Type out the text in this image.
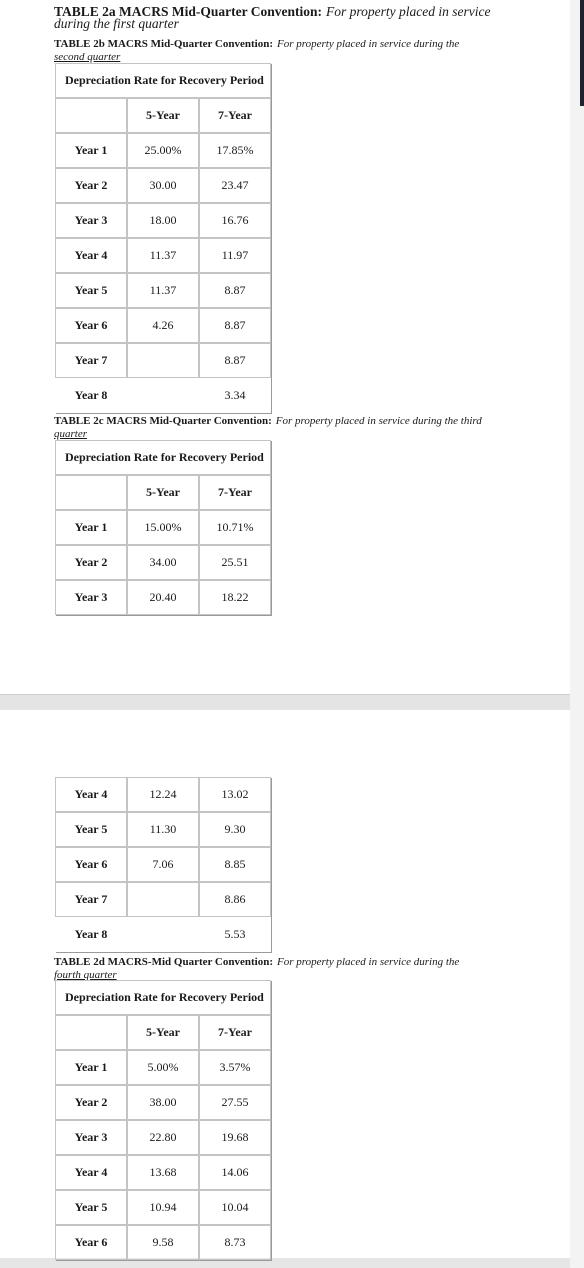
TABLE 2a MACRS Mid-Quarter Convention: For property placed in service
during the first quarter
TABLE 2b MACRS Mid-Quarter Convention: For property placed in service during the
second quarter
Depreciation Rate for Recovery Period		
	5-Year	7-Year
Year 1	25.00%	17.85%
Year 2	30.00	23.47
Year 3	18.00	16.76
Year 4	11.37	11.97
Year 5	11.37	8.87
Year 6	4.26	8.87
Year 7		8.87
Year 8		3.34
TABLE 2c MACRS Mid-Quarter Convention: For property placed in service during the third
quarter
Depreciation Rate for Recovery Period		
	5-Year	7-Year
Year 1	15.00%	10.71%
Year 2	34.00	25.51
Year 3	20.40	18.22
Year 4	12.24	13.02
Year 5	11.30	9.30
Year 6	7.06	8.85
Year 7		8.86
Year 8		5.53
TABLE 2d MACRS-Mid Quarter Convention: For property placed in service during the
fourth quarter
Depreciation Rate for Recovery Period		
	5-Year	7-Year
Year 1	5.00%	3.57%
Year 2	38.00	27.55
Year 3	22.80	19.68
Year 4	13.68	14.06
Year 5	10.94	10.04
Year 6	9.58	8.73
